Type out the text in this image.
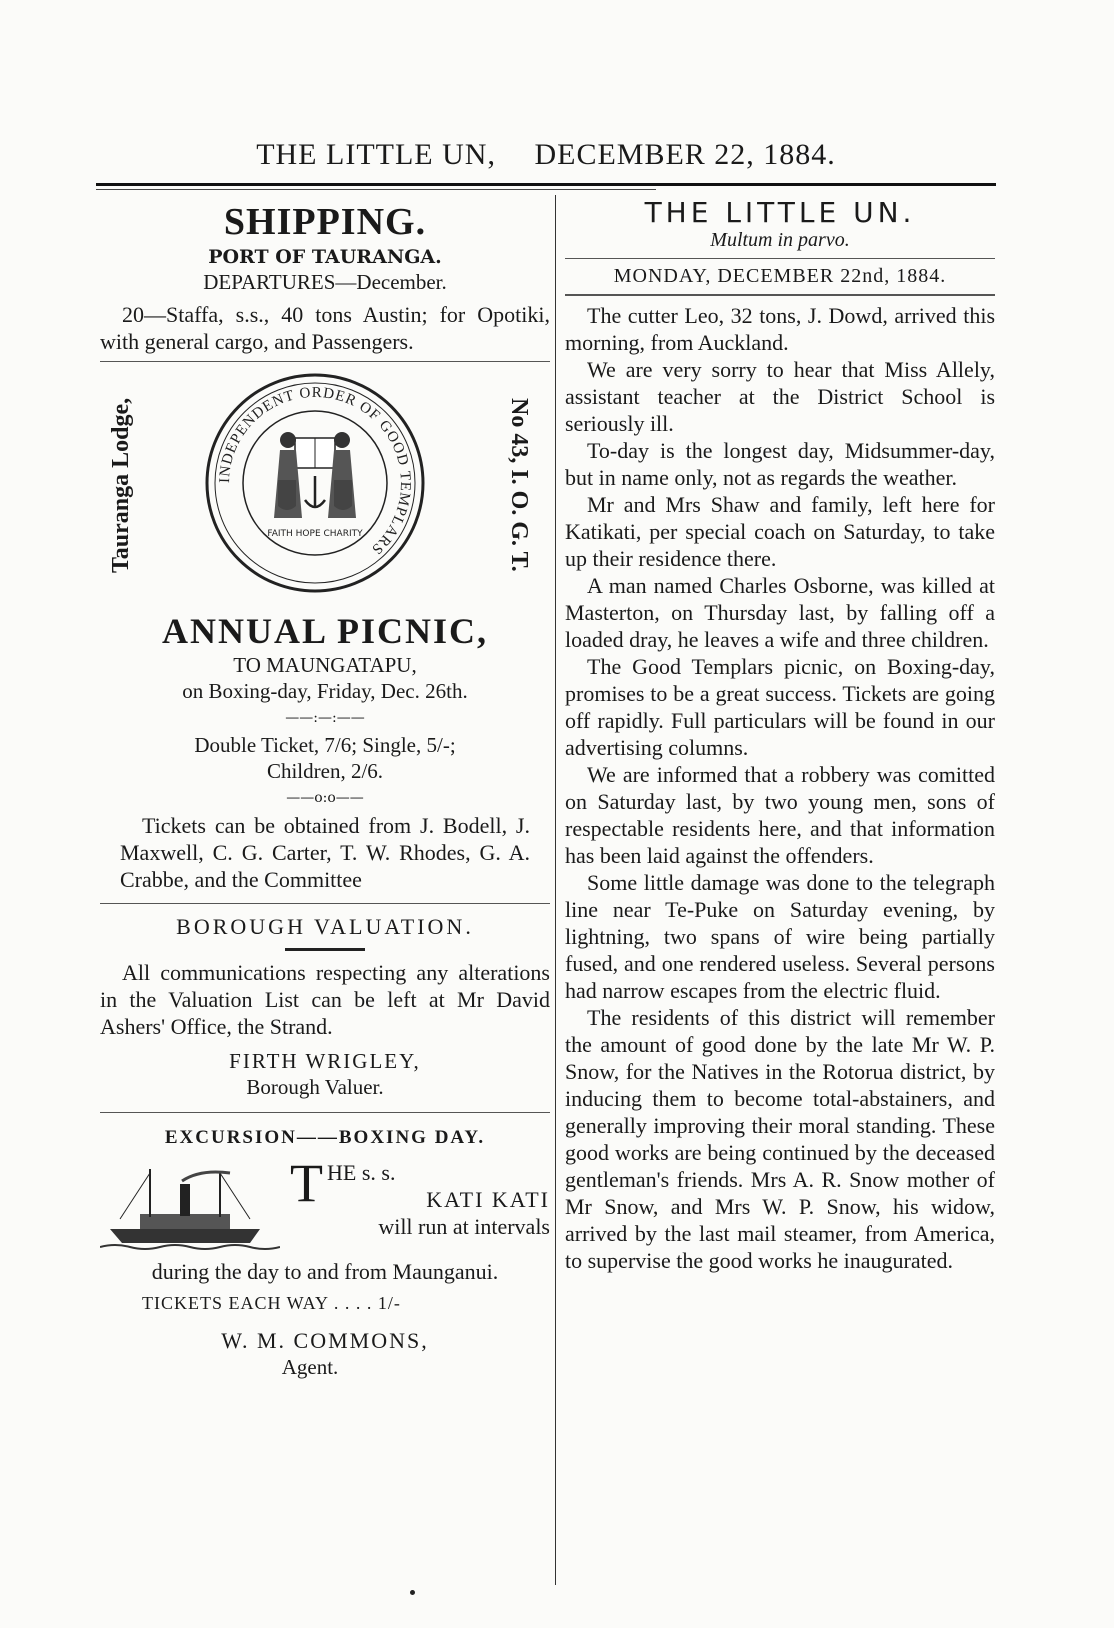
THE LITTLE UN, DECEMBER 22, 1884.
SHIPPING.
PORT OF TAURANGA.
DEPARTURES—December.

20—Staffa, s.s., 40 tons Austin; for Opotiki, with general cargo, and Passengers.

Tauranga Lodge,	INDEPENDENT ORDER OF GOOD TEMPLARS
FAITH HOPE CHARITY	No 43, I. O. G. T.
ANNUAL PICNIC,
TO MAUNGATAPU,
on Boxing-day, Friday, Dec. 26th.
——:—:——
Double Ticket, 7/6; Single, 5/-;
Children, 2/6.
——o:o——

Tickets can be obtained from J. Bodell, J. Maxwell, C. G. Carter, T. W. Rhodes, G. A. Crabbe, and the Committee

BOROUGH VALUATION.

All communications respecting any alterations in the Valuation List can be left at Mr David Ashers' Office, the Strand.

FIRTH WRIGLEY,
Borough Valuer.
EXCURSION——BOXING DAY.
T HE s. s.
KATI KATI
will run at intervals
during the day to and from Maunganui.
TICKETS EACH WAY . . . . 1/-
W. M. COMMONS,
Agent.
THE LITTLE UN.
Multum in parvo.
MONDAY, DECEMBER 22nd, 1884.

The cutter Leo, 32 tons, J. Dowd, arrived this morning, from Auckland.

We are very sorry to hear that Miss Allely, assistant teacher at the District School is seriously ill.

To-day is the longest day, Midsummer-day, but in name only, not as regards the weather.

Mr and Mrs Shaw and family, left here for Katikati, per special coach on Saturday, to take up their residence there.

A man named Charles Osborne, was killed at Masterton, on Thursday last, by falling off a loaded dray, he leaves a wife and three children.

The Good Templars picnic, on Boxing-day, promises to be a great success. Tickets are going off rapidly. Full particulars will be found in our advertising columns.

We are informed that a robbery was comitted on Saturday last, by two young men, sons of respectable residents here, and that information has been laid against the offenders.

Some little damage was done to the telegraph line near Te-Puke on Saturday evening, by lightning, two spans of wire being partially fused, and one rendered useless. Several persons had narrow escapes from the electric fluid.

The residents of this district will remember the amount of good done by the late Mr W. P. Snow, for the Natives in the Rotorua district, by inducing them to become total-abstainers, and generally improving their moral standing. These good works are being continued by the deceased gentleman's friends. Mrs A. R. Snow mother of Mr Snow, and Mrs W. P. Snow, his widow, arrived by the last mail steamer, from America, to supervise the good works he inaugurated.
